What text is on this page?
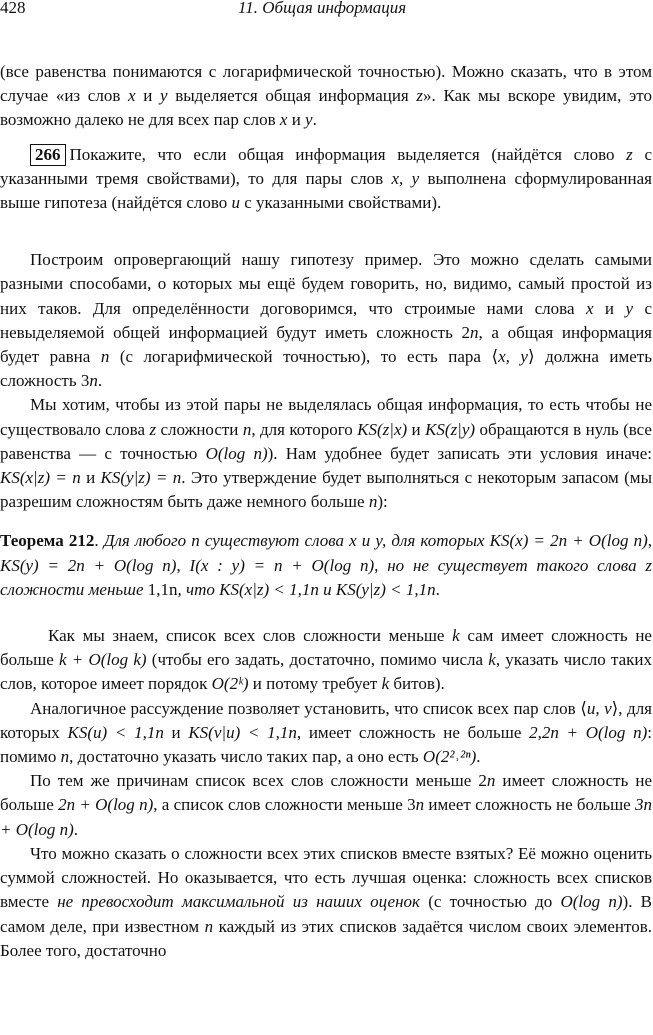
428	11. Общая информация

(все равенства понимаются с логарифмической точностью). Можно сказать, что в этом случае «из слов x и y выделяется общая информация z». Как мы вскоре увидим, это возможно далеко не для всех пар слов x и y.

266 Покажите, что если общая информация выделяется (найдётся слово z с указанными тремя свойствами), то для пары слов x, y выполнена сформулированная выше гипотеза (найдётся слово u с указанными свойствами).

Построим опровергающий нашу гипотезу пример. Это можно сделать самыми разными способами, о которых мы ещё будем говорить, но, видимо, самый простой из них таков. Для определённости договоримся, что строимые нами слова x и y с невыделяемой общей информацией будут иметь сложность 2n, а общая информация будет равна n (с логарифмической точностью), то есть пара ⟨x, y⟩ должна иметь сложность 3n.

Мы хотим, чтобы из этой пары не выделялась общая информация, то есть чтобы не существовало слова z сложности n, для которого KS(z|x) и KS(z|y) обращаются в нуль (все равенства — с точностью O(log n)). Нам удобнее будет записать эти условия иначе: KS(x|z) = n и KS(y|z) = n. Это утверждение будет выполняться с некоторым запасом (мы разрешим сложностям быть даже немного больше n):

Теорема 212. Для любого n существуют слова x и y, для которых KS(x) = 2n + O(log n), KS(y) = 2n + O(log n), I(x : y) = n + O(log n), но не существует такого слова z сложности меньше 1,1n, что KS(x|z) < 1,1n и KS(y|z) < 1,1n.

Как мы знаем, список всех слов сложности меньше k сам имеет сложность не больше k + O(log k) (чтобы его задать, достаточно, помимо числа k, указать число таких слов, которое имеет порядок O(2ᵏ) и потому требует k битов).

Аналогичное рассуждение позволяет установить, что список всех пар слов ⟨u, v⟩, для которых KS(u) < 1,1n и KS(v|u) < 1,1n, имеет сложность не больше 2,2n + O(log n): помимо n, достаточно указать число таких пар, а оно есть O(2²˒²ⁿ).

По тем же причинам список всех слов сложности меньше 2n имеет сложность не больше 2n + O(log n), а список слов сложности меньше 3n имеет сложность не больше 3n + O(log n).

Что можно сказать о сложности всех этих списков вместе взятых? Её можно оценить суммой сложностей. Но оказывается, что есть лучшая оценка: сложность всех списков вместе не превосходит максимальной из наших оценок (с точностью до O(log n)). В самом деле, при известном n каждый из этих списков задаётся числом своих элементов. Более того, достаточно
